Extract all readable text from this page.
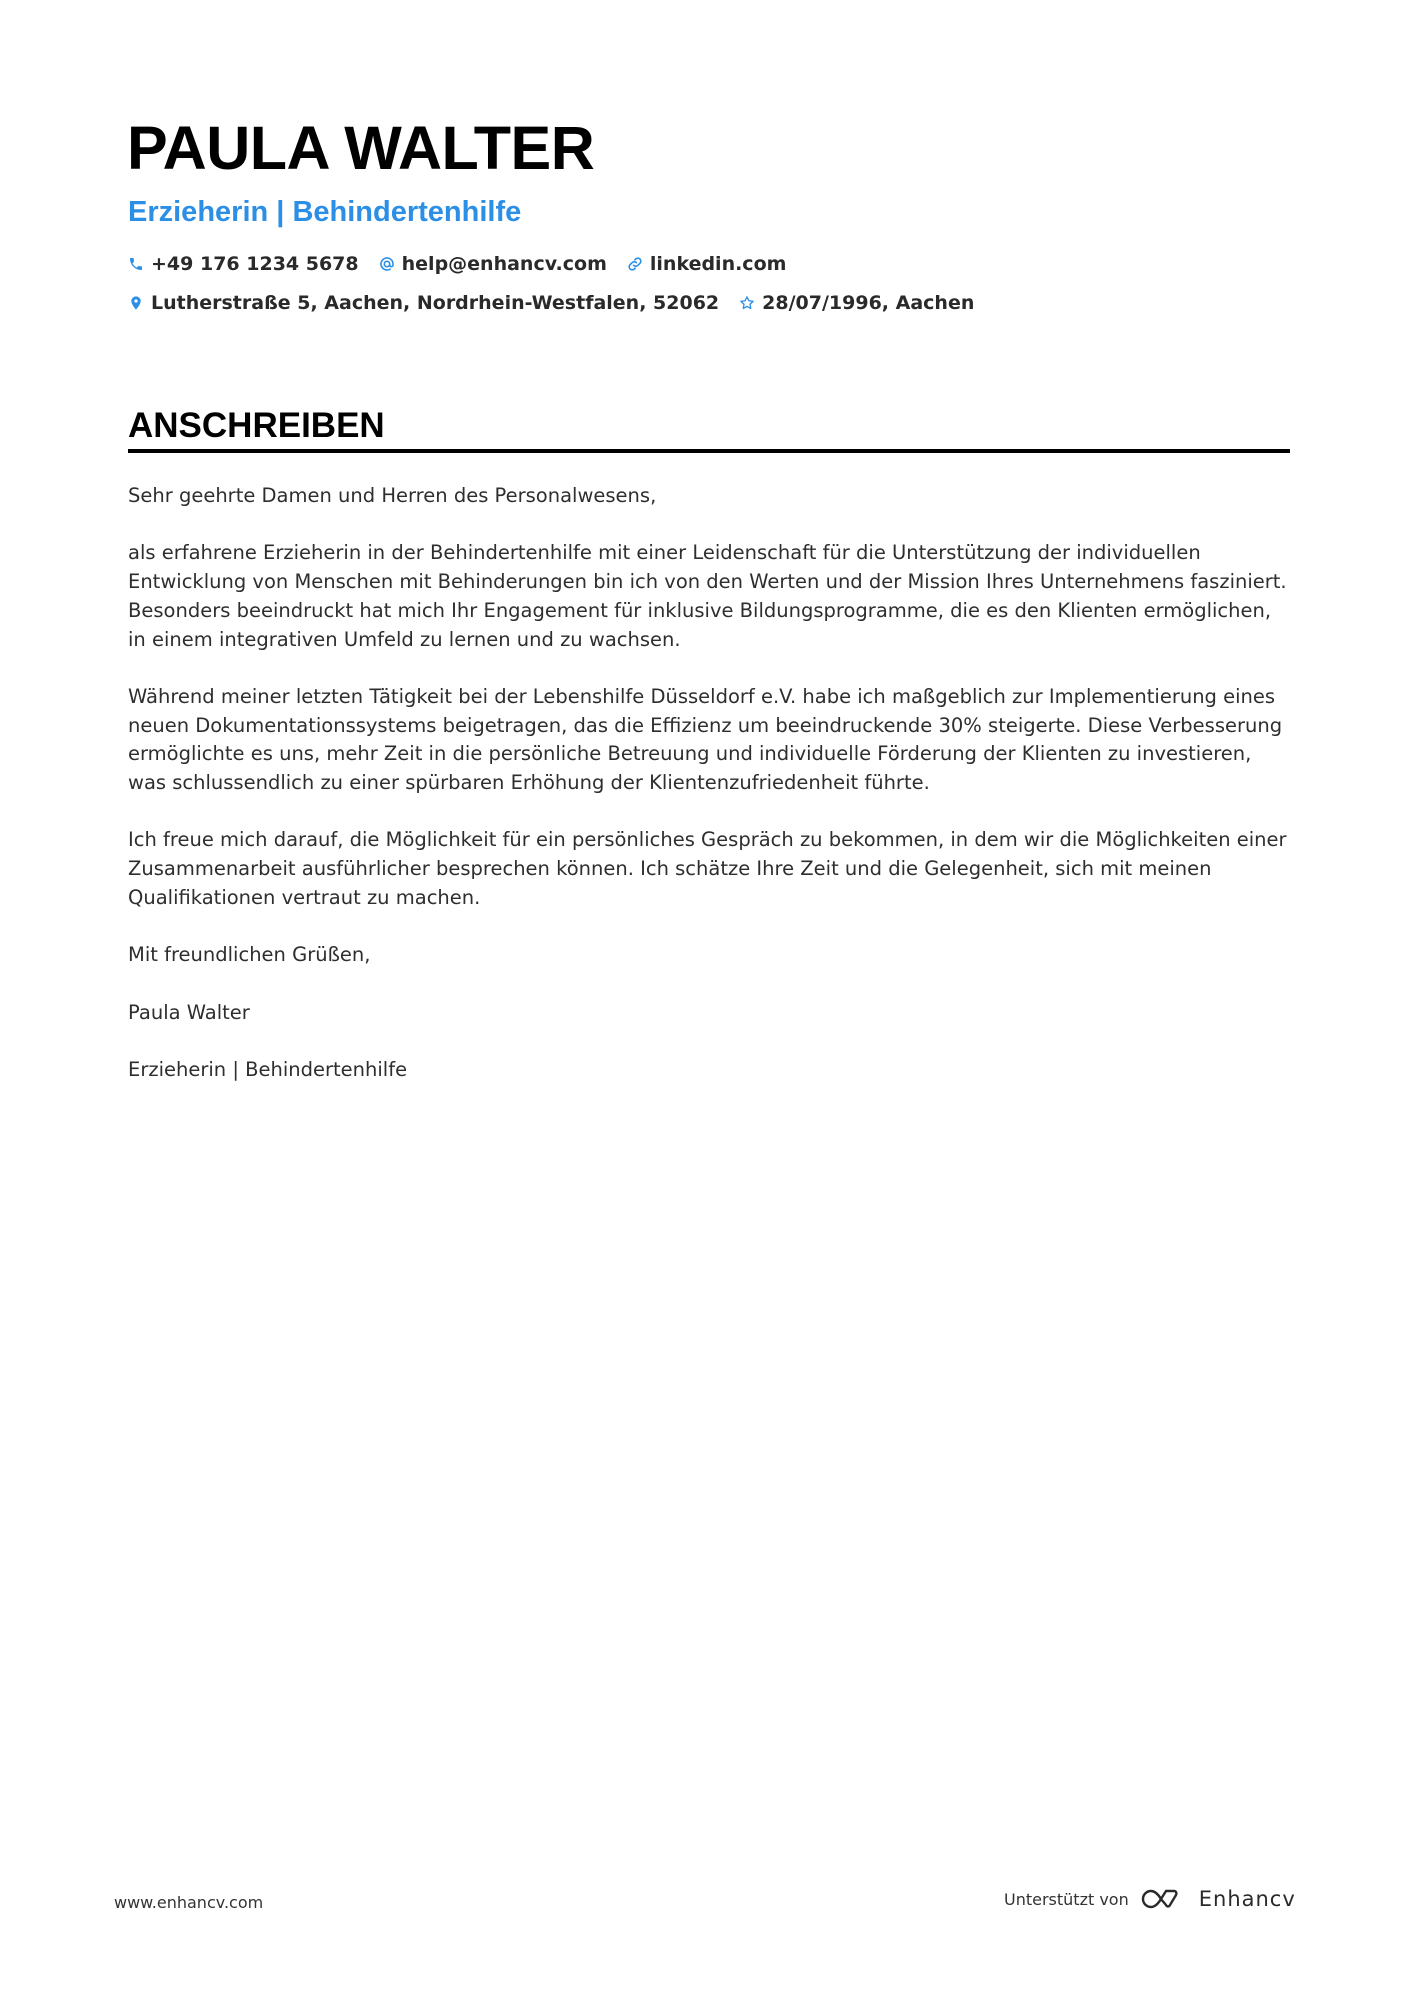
PAULA WALTER
Erzieherin | Behindertenhilfe
+49 176 1234 5678 help@enhancv.com linkedin.com
Lutherstraße 5, Aachen, Nordrhein-Westfalen, 52062 28/07/1996, Aachen
ANSCHREIBEN

Sehr geehrte Damen und Herren des Personalwesens,

als erfahrene Erzieherin in der Behindertenhilfe mit einer Leidenschaft für die Unterstützung der individuellen Entwicklung von Menschen mit Behinderungen bin ich von den Werten und der Mission Ihres Unternehmens fasziniert. Besonders beeindruckt hat mich Ihr Engagement für inklusive Bildungsprogramme, die es den Klienten ermöglichen, in einem integrativen Umfeld zu lernen und zu wachsen.

Während meiner letzten Tätigkeit bei der Lebenshilfe Düsseldorf e.V. habe ich maßgeblich zur Implementierung eines neuen Dokumentationssystems beigetragen, das die Effizienz um beeindruckende 30% steigerte. Diese Verbesserung ermöglichte es uns, mehr Zeit in die persönliche Betreuung und individuelle Förderung der Klienten zu investieren, was schlussendlich zu einer spürbaren Erhöhung der Klientenzufriedenheit führte.

Ich freue mich darauf, die Möglichkeit für ein persönliches Gespräch zu bekommen, in dem wir die Möglichkeiten einer Zusammenarbeit ausführlicher besprechen können. Ich schätze Ihre Zeit und die Gelegenheit, sich mit meinen Qualifikationen vertraut zu machen.

Mit freundlichen Grüßen,

Paula Walter

Erzieherin | Behindertenhilfe

www.enhancv.com	Unterstützt von	Enhancv
